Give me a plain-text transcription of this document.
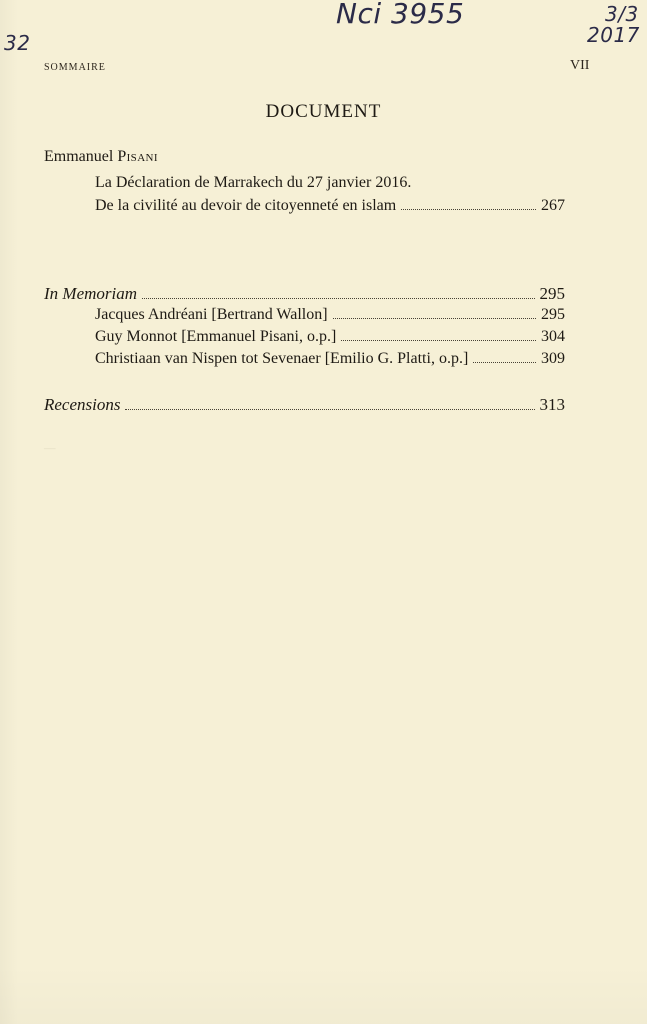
Nci 3955
32
3/3
2017
SOMMAIRE	VII
DOCUMENT
Emmanuel Pisani
La Déclaration de Marrakech du 27 janvier 2016.
De la civilité au devoir de citoyenneté en islam	267
In Memoriam	295
Jacques Andréani [Bertrand Wallon]	295
Guy Monnot [Emmanuel Pisani, o.p.]	304
Christiaan van Nispen tot Sevenaer [Emilio G. Platti, o.p.]	309
Recensions	313

—
